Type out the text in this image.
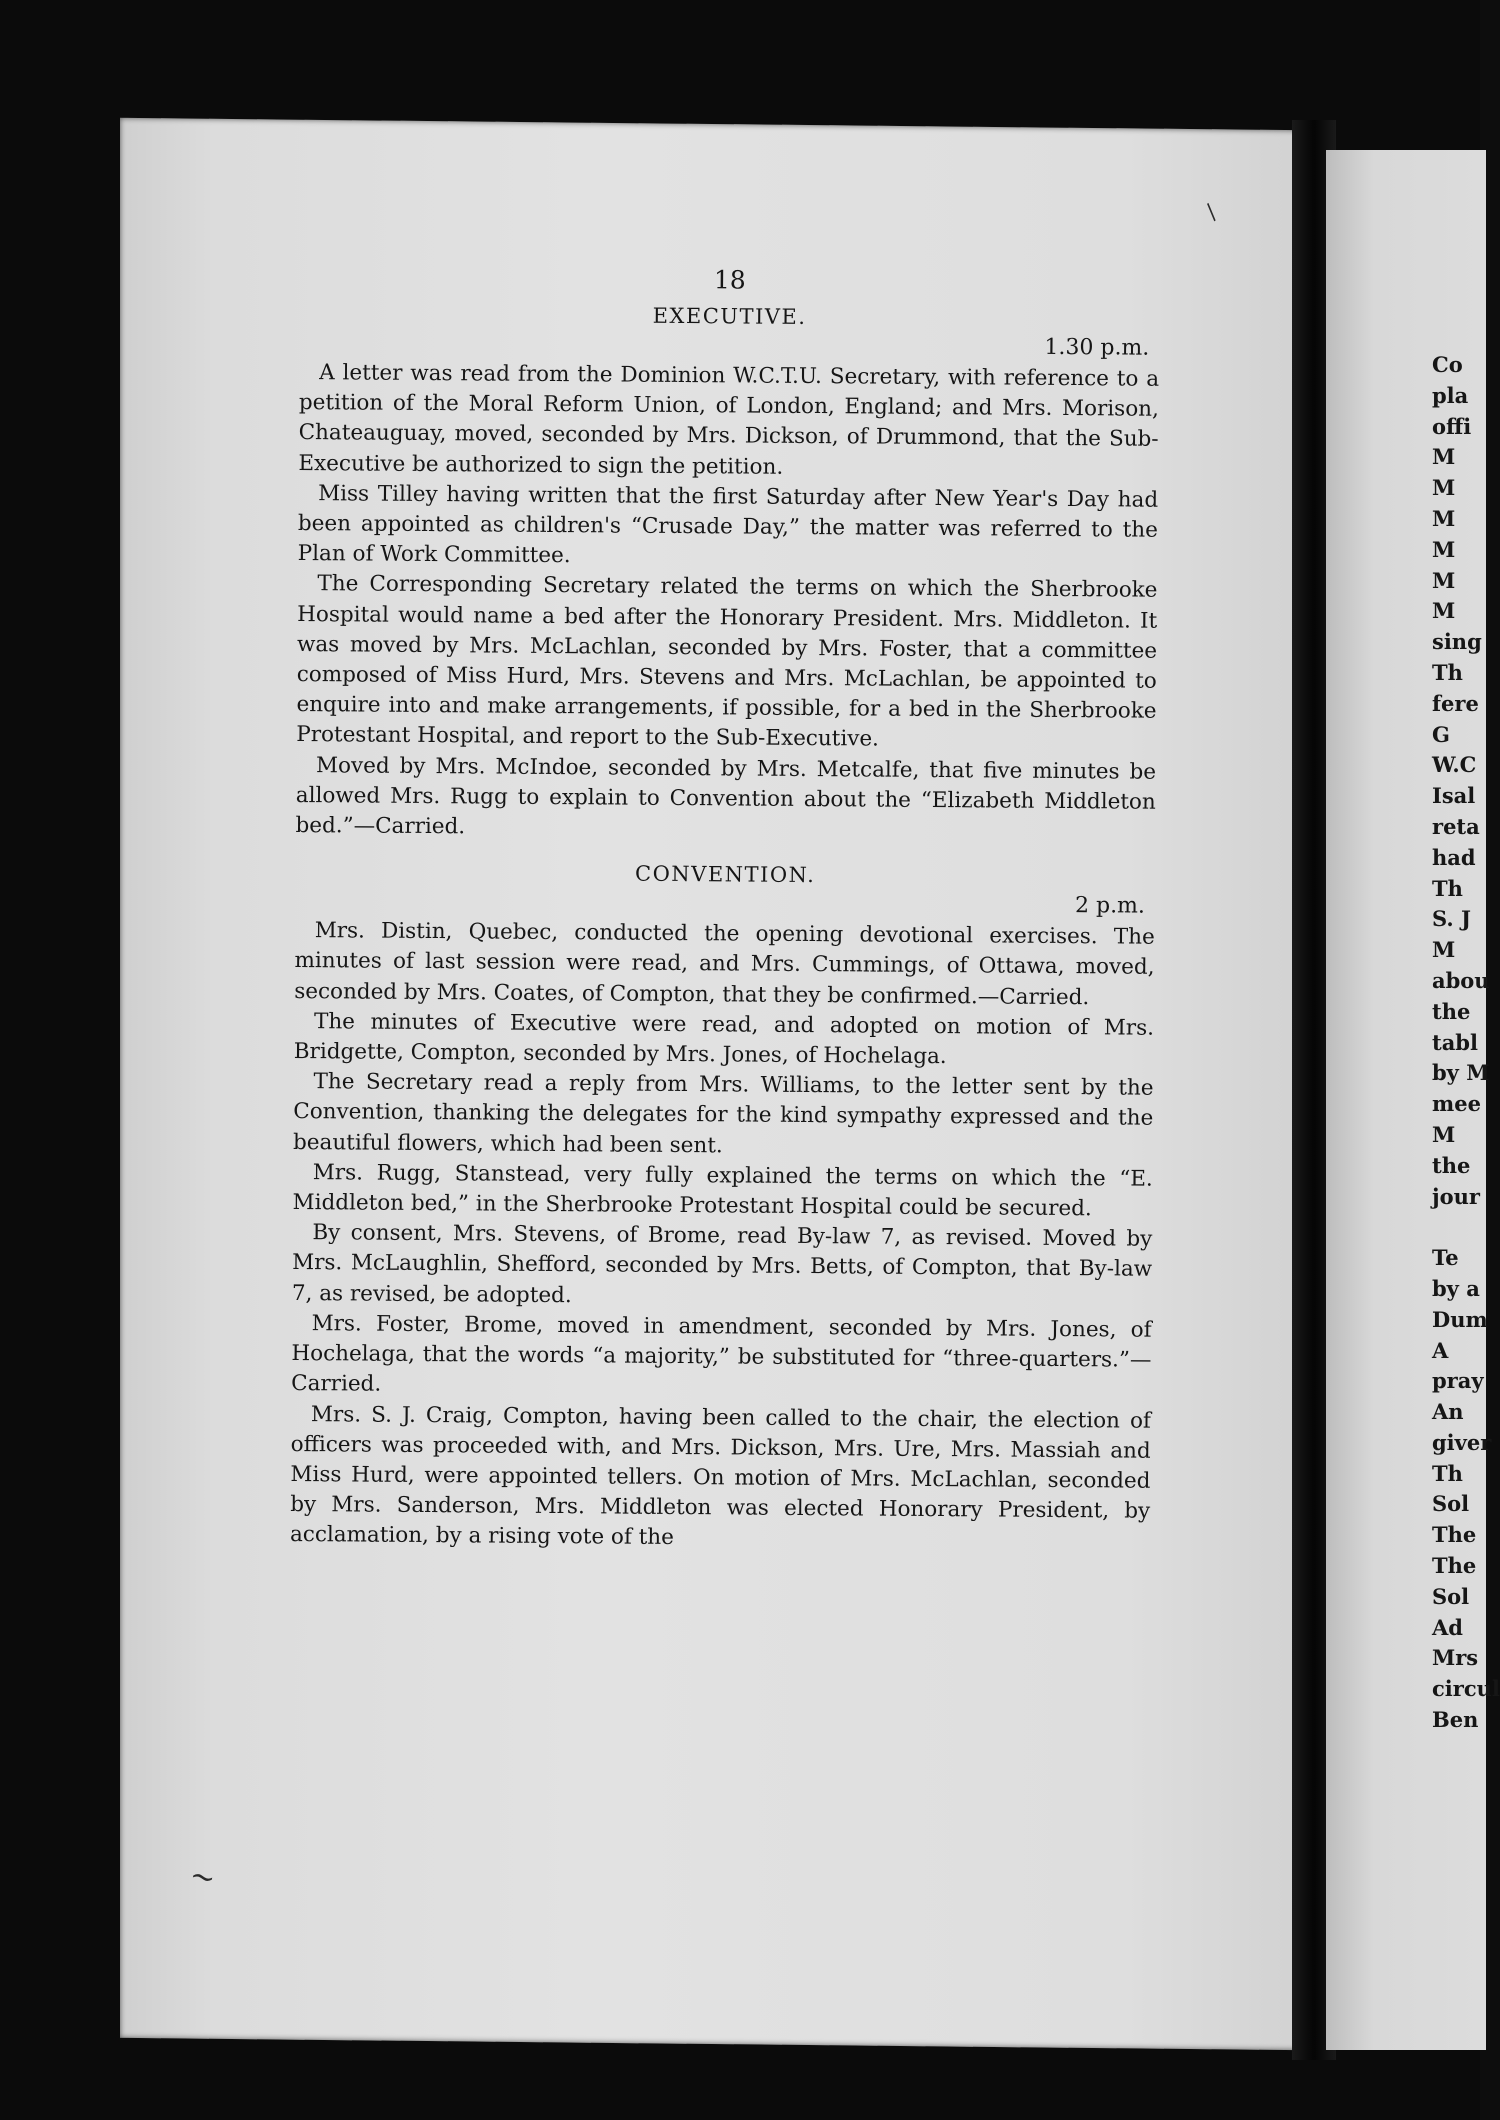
18
EXECUTIVE.
1.30 p.m.

A letter was read from the Dominion W.C.T.U. Secretary, with reference to a petition of the Moral Reform Union, of London, England; and Mrs. Morison, Chateauguay, moved, seconded by Mrs. Dickson, of Drummond, that the Sub-Executive be authorized to sign the petition.

Miss Tilley having written that the first Saturday after New Year's Day had been appointed as children's “Crusade Day,” the matter was referred to the Plan of Work Committee.

The Corresponding Secretary related the terms on which the Sherbrooke Hospital would name a bed after the Honorary President. Mrs. Middleton. It was moved by Mrs. McLachlan, seconded by Mrs. Foster, that a committee composed of Miss Hurd, Mrs. Stevens and Mrs. McLachlan, be appointed to enquire into and make arrangements, if possible, for a bed in the Sherbrooke Protestant Hospital, and report to the Sub-Executive.

Moved by Mrs. McIndoe, seconded by Mrs. Metcalfe, that five minutes be allowed Mrs. Rugg to explain to Convention about the “Elizabeth Middleton bed.”—Carried.

CONVENTION.
2 p.m.

Mrs. Distin, Quebec, conducted the opening devotional exercises. The minutes of last session were read, and Mrs. Cummings, of Ottawa, moved, seconded by Mrs. Coates, of Compton, that they be confirmed.—Carried.

The minutes of Executive were read, and adopted on motion of Mrs. Bridgette, Compton, seconded by Mrs. Jones, of Hochelaga.

The Secretary read a reply from Mrs. Williams, to the letter sent by the Convention, thanking the delegates for the kind sympathy expressed and the beautiful flowers, which had been sent.

Mrs. Rugg, Stanstead, very fully explained the terms on which the “E. Middleton bed,” in the Sherbrooke Protestant Hospital could be secured.

By consent, Mrs. Stevens, of Brome, read By-law 7, as revised. Moved by Mrs. McLaughlin, Shefford, seconded by Mrs. Betts, of Compton, that By-law 7, as revised, be adopted.

Mrs. Foster, Brome, moved in amendment, seconded by Mrs. Jones, of Hochelaga, that the words “a majority,” be substituted for “three-quarters.”—Carried.

Mrs. S. J. Craig, Compton, having been called to the chair, the election of officers was proceeded with, and Mrs. Dickson, Mrs. Ure, Mrs. Massiah and Miss Hurd, were appointed tellers. On motion of Mrs. McLachlan, seconded by Mrs. Sanderson, Mrs. Middleton was elected Honorary President, by acclamation, by a rising vote of the

Co
pla
offi
M
M
M
M
M
M
sing
Th
fere
G
W.C
Isal
reta
had
Th
S. J
M
abou
the
tabl
by M
mee
M
the
jour
Te
by a
Dum
A
pray
An
giver
Th
Sol
The
The
Sol
Ad
Mrs
circul
Ben
∕
∼
